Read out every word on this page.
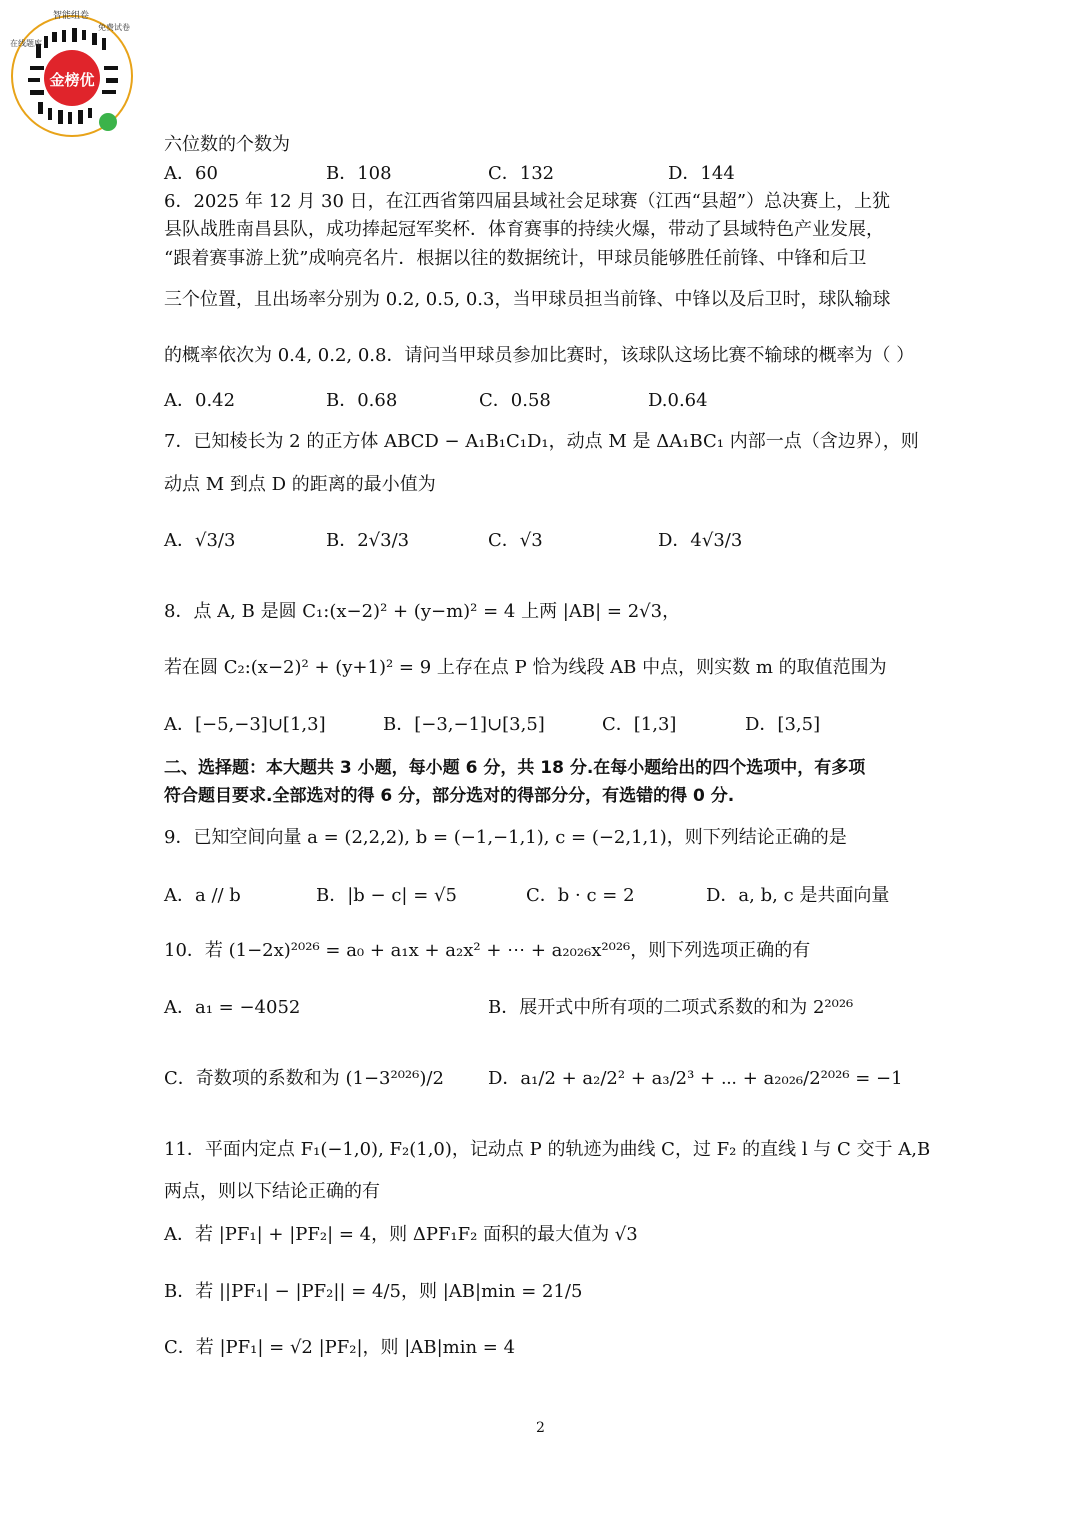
智能组卷
在线题库
免费试卷
金榜优
六位数的个数为
A．60	B．108	C．132	D．144
6．2025 年 12 月 30 日，在江西省第四届县域社会足球赛（江西“县超”）总决赛上，上犹
县队战胜南昌县队，成功捧起冠军奖杯．体育赛事的持续火爆，带动了县域特色产业发展，
“跟着赛事游上犹”成响亮名片．根据以往的数据统计，甲球员能够胜任前锋、中锋和后卫
三个位置，且出场率分别为 0.2, 0.5, 0.3，当甲球员担当前锋、中锋以及后卫时，球队输球
的概率依次为 0.4, 0.2, 0.8．请问当甲球员参加比赛时，该球队这场比赛不输球的概率为（ ）
A．0.42	B．0.68	C．0.58	D.0.64
7．已知棱长为 2 的正方体 ABCD − A₁B₁C₁D₁，动点 M 是 ΔA₁BC₁ 内部一点（含边界），则
动点 M 到点 D 的距离的最小值为
A．√3/3	B．2√3/3	C．√3	D．4√3/3
8．点 A, B 是圆 C₁:(x−2)² + (y−m)² = 4 上两 |AB| = 2√3，
若在圆 C₂:(x−2)² + (y+1)² = 9 上存在点 P 恰为线段 AB 中点，则实数 m 的取值范围为
A．[−5,−3]∪[1,3]	B．[−3,−1]∪[3,5]	C．[1,3]	D．[3,5]
二、选择题：本大题共 3 小题，每小题 6 分，共 18 分.在每小题给出的四个选项中，有多项
符合题目要求.全部选对的得 6 分，部分选对的得部分分，有选错的得 0 分.
9．已知空间向量 a = (2,2,2), b = (−1,−1,1), c = (−2,1,1)，则下列结论正确的是
A．a // b	B．|b − c| = √5	C．b · c = 2	D．a, b, c 是共面向量
10．若 (1−2x)²⁰²⁶ = a₀ + a₁x + a₂x² + ⋯ + a₂₀₂₆x²⁰²⁶，则下列选项正确的有
A．a₁ = −4052	B．展开式中所有项的二项式系数的和为 2²⁰²⁶
C．奇数项的系数和为 (1−3²⁰²⁶)/2 D．a₁/2 + a₂/2² + a₃/2³ + ⋯ + a₂₀₂₆/2²⁰²⁶ = −1
11．平面内定点 F₁(−1,0), F₂(1,0)，记动点 P 的轨迹为曲线 C，过 F₂ 的直线 l 与 C 交于 A,B
两点，则以下结论正确的有
A．若 |PF₁| + |PF₂| = 4，则 ΔPF₁F₂ 面积的最大值为 √3
B．若 ||PF₁| − |PF₂|| = 4/5，则 |AB|min = 21/5
C．若 |PF₁| = √2 |PF₂|，则 |AB|min = 4
2
